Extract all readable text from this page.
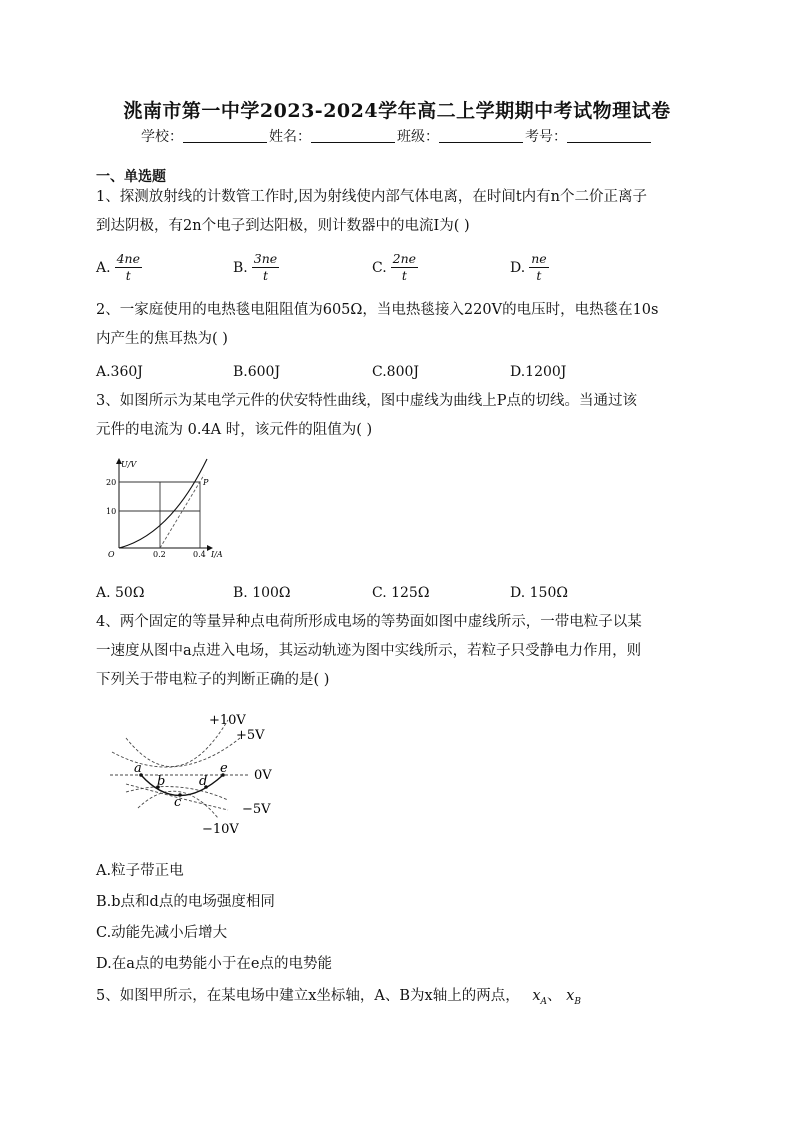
洮南市第一中学2023-2024学年高二上学期期中考试物理试卷
学校：	姓名：	班级：	考号：
一、单选题
1、探测放射线的计数管工作时,因为射线使内部气体电离，在时间t内有n个二价正离子
到达阴极，有2n个电子到达阳极，则计数器中的电流I为( )
A. $\frac{4ne}{t}$	B. $\frac{3ne}{t}$	C. $\frac{2ne}{t}$	D. $\frac{ne}{t}$
2、一家庭使用的电热毯电阻阻值为605Ω，当电热毯接入220V的电压时，电热毯在10s
内产生的焦耳热为( )
A.360J	B.600J	C.800J	D.1200J
3、如图所示为某电学元件的伏安特性曲线，图中虚线为曲线上P点的切线。当通过该
元件的电流为 0.4A 时，该元件的阻值为( )
U/V
20
10
O	0.2	0.4 I/A
P
A. 50Ω	B. 100Ω	C. 125Ω	D. 150Ω
4、两个固定的等量异种点电荷所形成电场的等势面如图中虚线所示，一带电粒子以某
一速度从图中a点进入电场，其运动轨迹为图中实线所示，若粒子只受静电力作用，则
下列关于带电粒子的判断正确的是( )
a
b
c
d
e
+10V
+5V
0V
−5V
−10V
A.粒子带正电
B.b点和d点的电场强度相同
C.动能先减小后增大
D.在a点的电势能小于在e点的电势能
5、如图甲所示，在某电场中建立x坐标轴，A、B为x轴上的两点， $x_A$、 $x_B$
